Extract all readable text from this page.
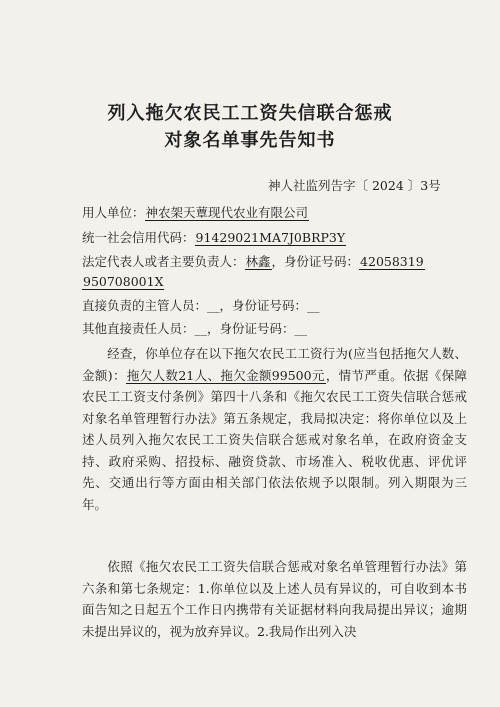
列入拖欠农民工工资失信联合惩戒
对象名单事先告知书
神人社监列告字〔 2024 〕3号
用人单位：神农架天蕈现代农业有限公司
统一社会信用代码：91429021MA7J0BRP3Y
法定代表人或者主要负责人：林鑫，身份证号码：42058319
950708001X
直接负责的主管人员：__，身份证号码：__
其他直接责任人员：__，身份证号码：__
经查，你单位存在以下拖欠农民工工资行为(应当包括拖欠人数、金额)：拖欠人数21人、拖欠金额99500元，情节严重。依据《保障农民工工资支付条例》第四十八条和《拖欠农民工工资失信联合惩戒对象名单管理暂行办法》第五条规定，我局拟决定：将你单位以及上述人员列入拖欠农民工工资失信联合惩戒对象名单，在政府资金支持、政府采购、招投标、融资贷款、市场准入、税收优惠、评优评先、交通出行等方面由相关部门依法依规予以限制。列入期限为三年。
依照《拖欠农民工工资失信联合惩戒对象名单管理暂行办法》第六条和第七条规定：1.你单位以及上述人员有异议的，可自收到本书面告知之日起五个工作日内携带有关证据材料向我局提出异议；逾期未提出异议的，视为放弃异议。2.我局作出列入决
